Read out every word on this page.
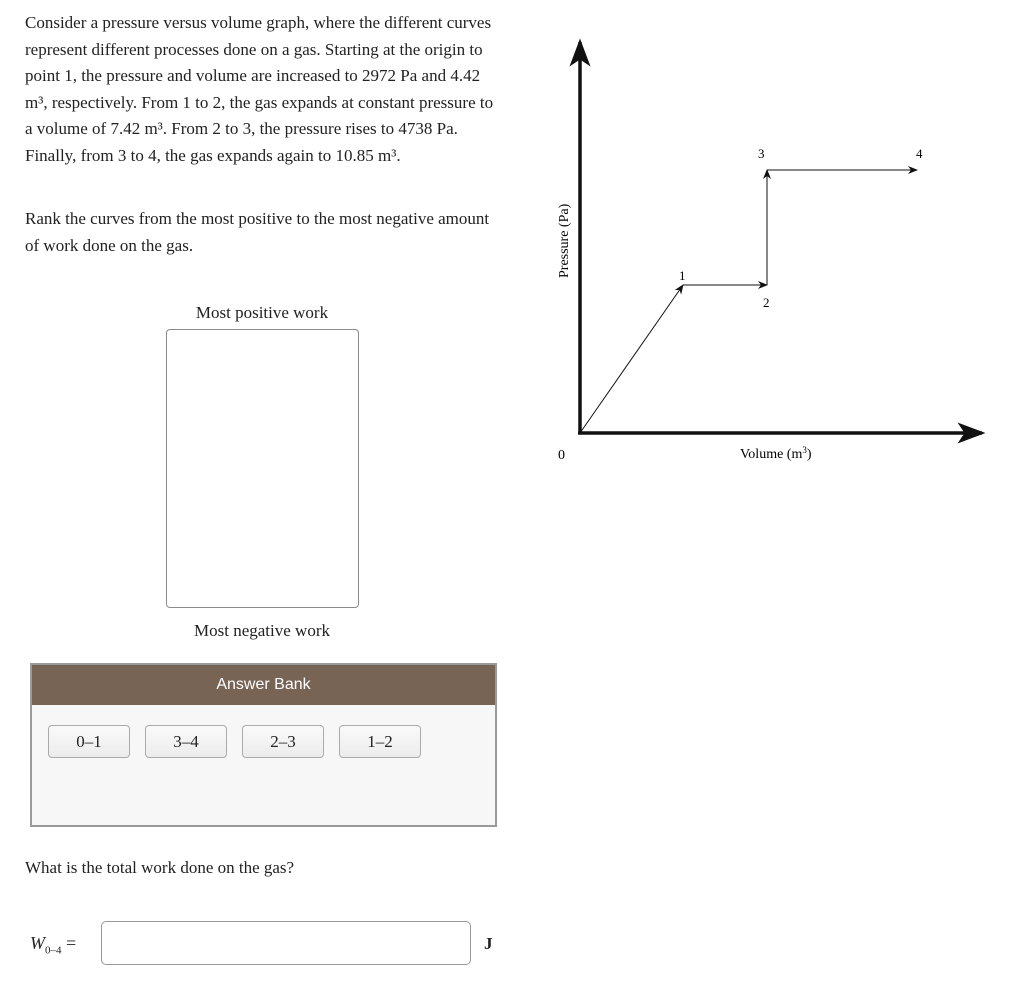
Consider a pressure versus volume graph, where the different curves represent different processes done on a gas. Starting at the origin to point 1, the pressure and volume are increased to 2972 Pa and 4.42 m³, respectively. From 1 to 2, the gas expands at constant pressure to a volume of 7.42 m³. From 2 to 3, the pressure rises to 4738 Pa. Finally, from 3 to 4, the gas expands again to 10.85 m³.

Rank the curves from the most positive to the most negative amount of work done on the gas.
Most positive work
Most negative work
Answer Bank
0–1	3–4	2–3	1–2
What is the total work done on the gas?
$W_{0-4}$ =	J
1
2
3	4
0
Pressure (Pa)
Volume $(m^3)$
